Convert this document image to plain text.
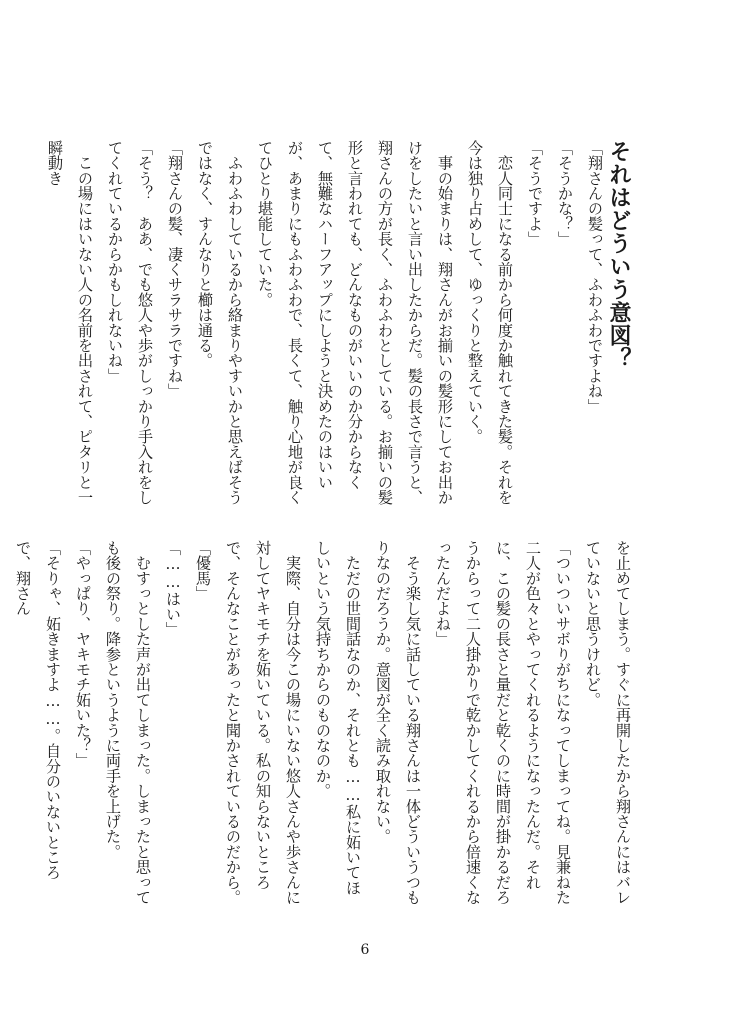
それはどういう意図？

「翔さんの髪って、ふわふわですよね」

「そうかな？」

「そうですよ」

　恋人同士になる前から何度か触れてきた髪。それを今は独り占めして、ゆっくりと整えていく。

　事の始まりは、翔さんがお揃いの髪形にしてお出かけをしたいと言い出したからだ。髪の長さで言うと、翔さんの方が長く、ふわふわとしている。お揃いの髪形と言われても、どんなものがいいのか分からなくて、無難なハーフアップにしようと決めたのはいいが、あまりにもふわふわで、長くて、触り心地が良くてひとり堪能していた。

　ふわふわしているから絡まりやすいかと思えばそうではなく、すんなりと櫛は通る。

「翔さんの髪、凄くサラサラですね」

「そう？　ああ、でも悠人や歩がしっかり手入れをしてくれているからかもしれないね」

　この場にはいない人の名前を出されて、ピタリと一瞬動き

を止めてしまう。すぐに再開したから翔さんにはバレていないと思うけれど。

「ついついサボりがちになってしまってね。見兼ねた二人が色々とやってくれるようになったんだ。それに、この髪の長さと量だと乾くのに時間が掛かるだろうからって二人掛かりで乾かしてくれるから倍速くなったんだよね」

　そう楽し気に話している翔さんは一体どういうつもりなのだろうか。意図が全く読み取れない。

　ただの世間話なのか、それとも……私に妬いてほしいという気持ちからのものなのか。

　実際、自分は今この場にいない悠人さんや歩さんに対してヤキモチを妬いている。私の知らないところで、そんなことがあったと聞かされているのだから。

「優馬」

「……はい」

　むすっとした声が出てしまった。しまったと思っても後の祭り。降参というように両手を上げた。

「やっぱり、ヤキモチ妬いた？」

「そりゃ、妬きますよ……。自分のいないところで、翔さん

6
